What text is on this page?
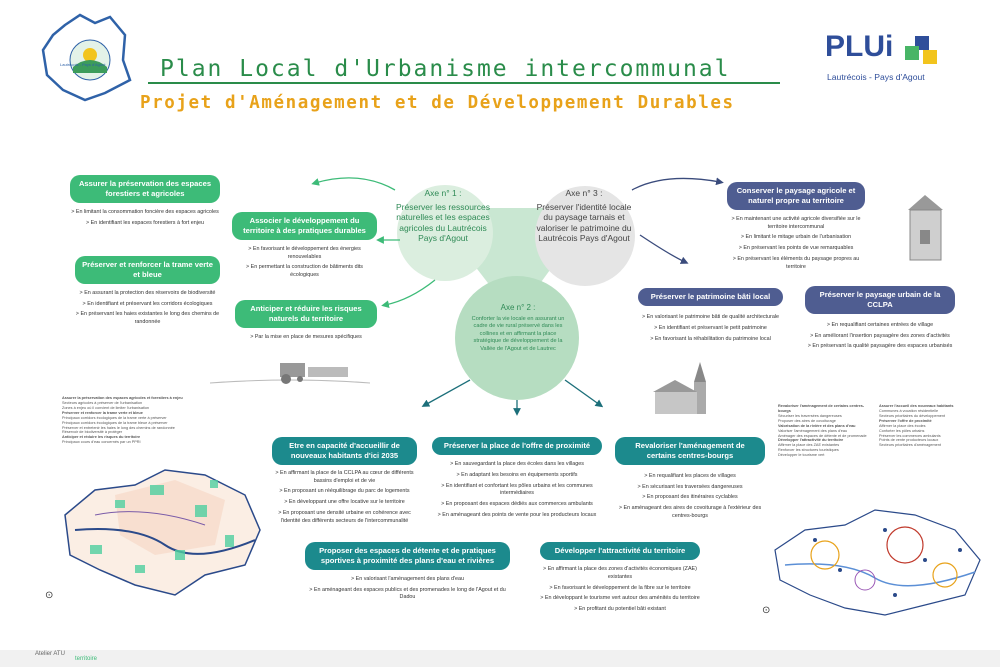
Lautrécois - Pays d'Agout Plan Local d'Urbanisme intercommunal
Projet d'Aménagement et de Développement Durables
PLUi
Lautrécois - Pays d'Agout
Axe n° 1 :
Préserver les ressources naturelles et les espaces agricoles du Lautrécois Pays d'Agout
Axe n° 3 :
Préserver l'identité locale du paysage tarnais et valoriser le patrimoine du Lautrécois Pays d'Agout
Axe n° 2 :
Conforter la vie locale en assurant un cadre de vie rural préservé dans les collines et en affirmant la place stratégique de développement de la Vallée de l'Agout et de Lautrec
Assurer la préservation des espaces forestiers et agricoles
> En limitant la consommation foncière des espaces agricoles
> En identifiant les espaces forestiers à fort enjeu	Associer le développement du territoire à des pratiques durables
> En favorisant le développement des énergies renouvelables
> En permettant la construction de bâtiments dits écologiques
Préserver et renforcer la trame verte et bleue
> En assurant la protection des réservoirs de biodiversité
> En identifiant et préservant les corridors écologiques
> En préservant les haies existantes le long des chemins de randonnée
Anticiper et réduire les risques naturels du territoire
> Par la mise en place de mesures spécifiques
Conserver le paysage agricole et naturel propre au territoire
> En maintenant une activité agricole diversifiée sur le territoire intercommunal
> En limitant le mitage urbain de l'urbanisation
> En préservant les points de vue remarquables
> En préservant les éléments du paysage propres au territoire
Préserver le patrimoine bâti local
> En valorisant le patrimoine bâti de qualité architecturale
> En identifiant et préservant le petit patrimoine
> En favorisant la réhabilitation du patrimoine local
Préserver le paysage urbain de la CCLPA
> En requalifiant certaines entrées de village
> En améliorant l'insertion paysagère des zones d'activités
> En préservant la qualité paysagère des espaces urbanisés
Etre en capacité d'accueillir de nouveaux habitants d'ici 2035
> En affirmant la place de la CCLPA au cœur de différents bassins d'emploi et de vie
> En proposant un rééquilibrage du parc de logements
> En développant une offre locative sur le territoire
> En proposant une densité urbaine en cohérence avec l'identité des différents secteurs de l'intercommunalité
Préserver la place de l'offre de proximité
> En sauvegardant la place des écoles dans les villages
> En adaptant les besoins en équipements sportifs
> En identifiant et confortant les pôles urbains et les communes intermédiaires
> En proposant des espaces dédiés aux commerces ambulants
> En aménageant des points de vente pour les producteurs locaux
Revaloriser l'aménagement de certains centres-bourgs
> En requalifiant les places de villages
> En sécurisant les traversées dangereuses
> En proposant des itinéraires cyclables
> En aménageant des aires de covoiturage à l'extérieur des centres-bourgs
Proposer des espaces de détente et de pratiques sportives à proximité des plans d'eau et rivières
> En valorisant l'aménagement des plans d'eau
> En aménageant des espaces publics et des promenades le long de l'Agout et du Dadou
Développer l'attractivité du territoire
> En affirmant la place des zones d'activités économiques (ZAE) existantes
> En favorisant le développement de la fibre sur le territoire
> En développant le tourisme vert autour des aménités du territoire
> En profitant du potentiel bâti existant
Assurer la préservation des espaces agricoles et forestiers à enjeu
Secteurs agricoles à préserver de l'urbanisation
Zones à enjeu où il convient de limiter l'urbanisation
Préserver et renforcer la trame verte et bleue
Principaux corridors écologiques de la trame verte à préserver
Principaux corridors écologiques de la trame bleue à préserver
Préserver et entretenir les haies le long des chemins de randonnée
Réservoir de biodiversité à protéger
Anticiper et réduire les risques du territoire
Principaux cours d'eau concernés par un PPRI
⊙
Revaloriser l'aménagement de certains centres-bourgs
Sécuriser les traversées dangereuses
Proposer des aires de covoiturage
Valorisation de la rivière et des plans d'eau
Valoriser l'aménagement des plans d'eau
Aménager des espaces de détente et de promenade
Développer l'attractivité du territoire
Affirmer la place des ZAE existantes
Renforcer les structures touristiques
Développer le tourisme vert
Assurer l'accueil des nouveaux habitants
Communes à vocation résidentielle
Secteurs prioritaires du développement
Préserver l'offre de proximité
Affirmer la place des écoles
Conforter les pôles urbains
Préserver les commerces ambulants
Points de vente producteurs locaux
Secteurs prioritaires d'aménagement
⊙
Atelier ATU
territoire
